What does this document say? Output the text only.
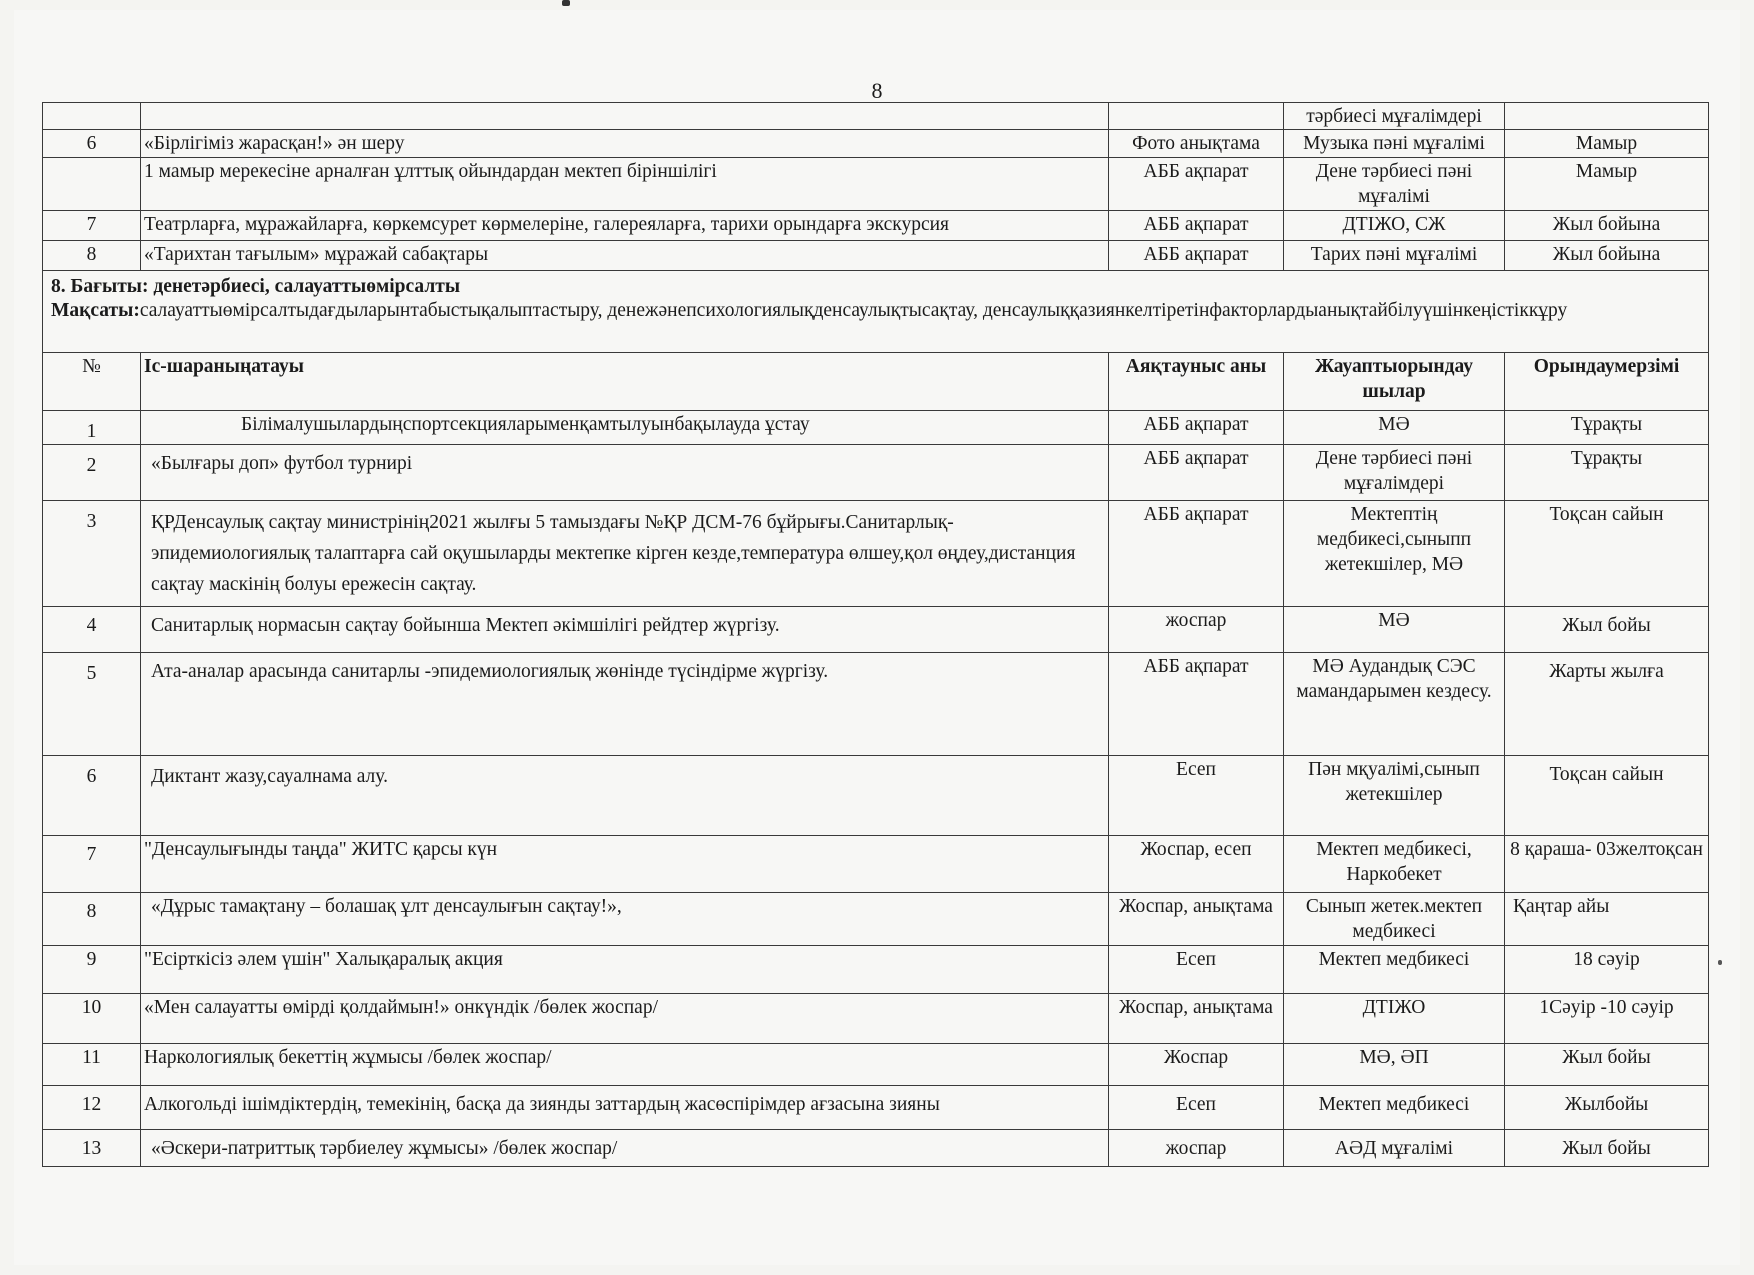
8
			тәрбиесі мұғалімдері	
6	«Бірлігіміз жарасқан!» ән шеру	Фото анықтама	Музыка пәні мұғалімі	Мамыр
	1 мамыр мерекесіне арналған ұлттық ойындардан мектеп біріншілігі	АББ ақпарат	Дене тәрбиесі пәні мұғалімі	Мамыр
7	Театрларға, мұражайларға, көркемсурет көрмелеріне, галереяларға, тарихи орындарға экскурсия	АББ ақпарат	ДТІЖО, СЖ	Жыл бойына
8	«Тарихтан тағылым» мұражай сабақтары	АББ ақпарат	Тарих пәні мұғалімі	Жыл бойына

8. Бағыты: денетәрбиесі, салауаттыөмірсалты
Мақсаты:салауаттыөмірсалтыдағдыларынтабыстықалыптастыру, денежәнепсихологиялықденсаулықтысақтау, денсаулыққазиянкелтіретінфакторлардыанықтайбілуүшінкеңістіккұру				

№	Іс-шараныңатауы	Аяқтауныс аны	Жауаптыорындау шылар	Орындаумерзімі
1	Білімалушылардыңспортсекцияларыменқамтылуынбақылауда ұстау	АББ ақпарат	МӘ	Тұрақты
2	«Былғары доп» футбол турнирі	АББ ақпарат	Дене тәрбиесі пәні мұғалімдері	Тұрақты
3	ҚРДенсаулық сақтау министрінің2021 жылғы 5 тамыздағы №ҚР ДСМ-76 бұйрығы.Санитарлық-эпидемиологиялық талаптарға сай оқушыларды мектепке кірген кезде,температура өлшеу,қол өңдеу,дистанция сақтау маскінің болуы ережесін сақтау.	АББ ақпарат	Мектептің медбикесі,сыныпп жетекшілер, МӘ	Тоқсан сайын
4	Санитарлық нормасын сақтау бойынша Мектеп әкімшілігі рейдтер жүргізу.	жоспар	МӘ	Жыл бойы
5	Ата-аналар арасында санитарлы -эпидемиологиялық жөнінде түсіндірме жүргізу.	АББ ақпарат	МӘ Аудандық СЭС мамандарымен кездесу.	Жарты жылға
6	Диктант жазу,сауалнама алу.	Есеп	Пән мқуалімі,сынып жетекшілер	Тоқсан сайын
7	"Денсаулығынды таңда" ЖИТС қарсы күн	Жоспар, есеп	Мектеп медбикесі, Наркобекет	8 қараша- 03желтоқсан
8	«Дұрыс тамақтану – болашақ ұлт денсаулығын сақтау!»,	Жоспар, анықтама	Сынып жетек.мектеп медбикесі	Қаңтар айы
9	"Есірткісіз әлем үшін" Халықаралық акция	Есеп	Мектеп медбикесі	18 сәуір
10	«Мен салауатты өмірді қолдаймын!» онкүндік /бөлек жоспар/	Жоспар, анықтама	ДТІЖО	1Сәуір -10 сәуір
11	Наркологиялық бекеттің жұмысы /бөлек жоспар/	Жоспар	МӘ, ӘП	Жыл бойы
12	Алкогольді ішімдіктердің, темекінің, басқа да зиянды заттардың жасөспірімдер ағзасына зияны	Есеп	Мектеп медбикесі	Жылбойы
13	«Әскери-патриттық тәрбиелеу жұмысы» /бөлек жоспар/	жоспар	АӘД мұғалімі	Жыл бойы
